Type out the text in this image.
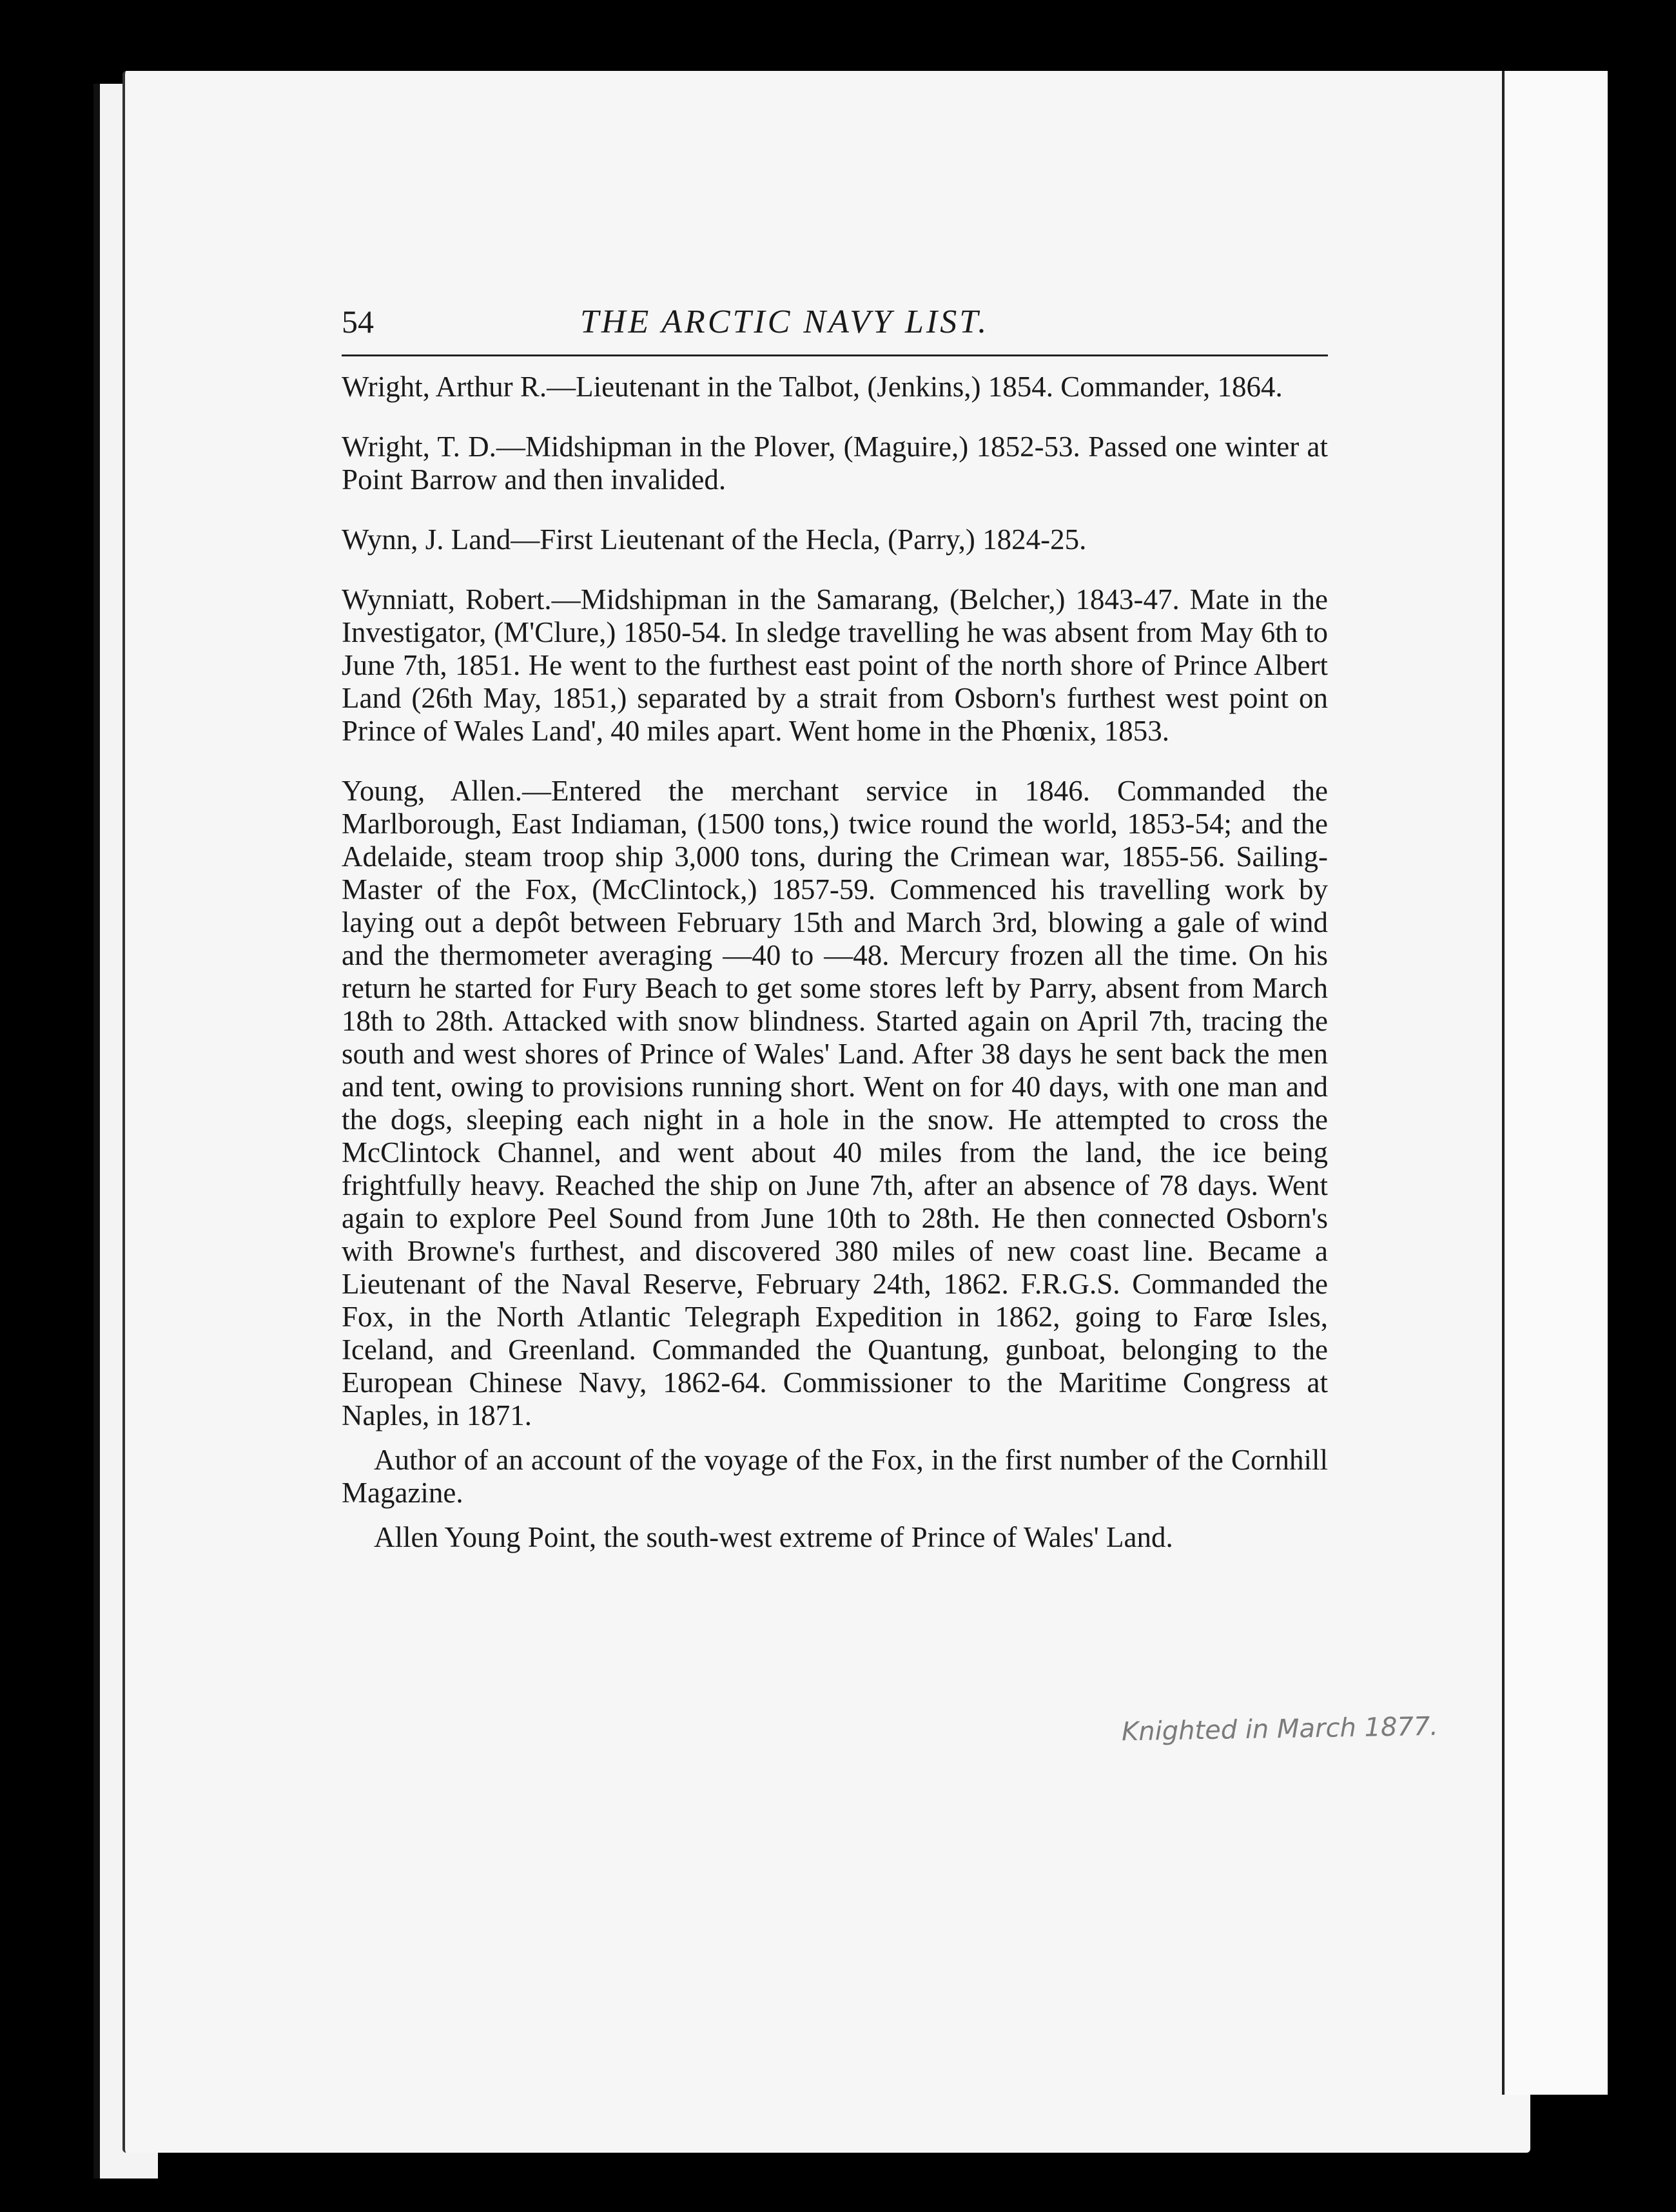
54	THE ARCTIC NAVY LIST.

Wright, Arthur R.—Lieutenant in the Talbot, (Jenkins,) 1854. Commander, 1864.

Wright, T. D.—Midshipman in the Plover, (Maguire,) 1852-53. Passed one winter at Point Barrow and then invalided.

Wynn, J. Land—First Lieutenant of the Hecla, (Parry,) 1824-25.

Wynniatt, Robert.—Midshipman in the Samarang, (Belcher,) 1843-47. Mate in the Investigator, (M'Clure,) 1850-54. In sledge travelling he was absent from May 6th to June 7th, 1851. He went to the furthest east point of the north shore of Prince Albert Land (26th May, 1851,) separated by a strait from Osborn's furthest west point on Prince of Wales Land', 40 miles apart. Went home in the Phœnix, 1853.

Young, Allen.—Entered the merchant service in 1846. Commanded the Marlborough, East Indiaman, (1500 tons,) twice round the world, 1853-54; and the Adelaide, steam troop ship 3,000 tons, during the Crimean war, 1855-56. Sailing-Master of the Fox, (McClintock,) 1857-59. Commenced his travelling work by laying out a depôt between February 15th and March 3rd, blowing a gale of wind and the thermometer averaging —40 to —48. Mercury frozen all the time. On his return he started for Fury Beach to get some stores left by Parry, absent from March 18th to 28th. Attacked with snow blindness. Started again on April 7th, tracing the south and west shores of Prince of Wales' Land. After 38 days he sent back the men and tent, owing to provisions running short. Went on for 40 days, with one man and the dogs, sleeping each night in a hole in the snow. He attempted to cross the McClintock Channel, and went about 40 miles from the land, the ice being frightfully heavy. Reached the ship on June 7th, after an absence of 78 days. Went again to explore Peel Sound from June 10th to 28th. He then connected Osborn's with Browne's furthest, and discovered 380 miles of new coast line. Became a Lieutenant of the Naval Reserve, February 24th, 1862. F.R.G.S. Commanded the Fox, in the North Atlantic Telegraph Expedition in 1862, going to Farœ Isles, Iceland, and Greenland. Commanded the Quantung, gunboat, belonging to the European Chinese Navy, 1862-64. Commissioner to the Maritime Congress at Naples, in 1871.

Author of an account of the voyage of the Fox, in the first number of the Cornhill Magazine.

Allen Young Point, the south-west extreme of Prince of Wales' Land.

Knighted in March 1877.
